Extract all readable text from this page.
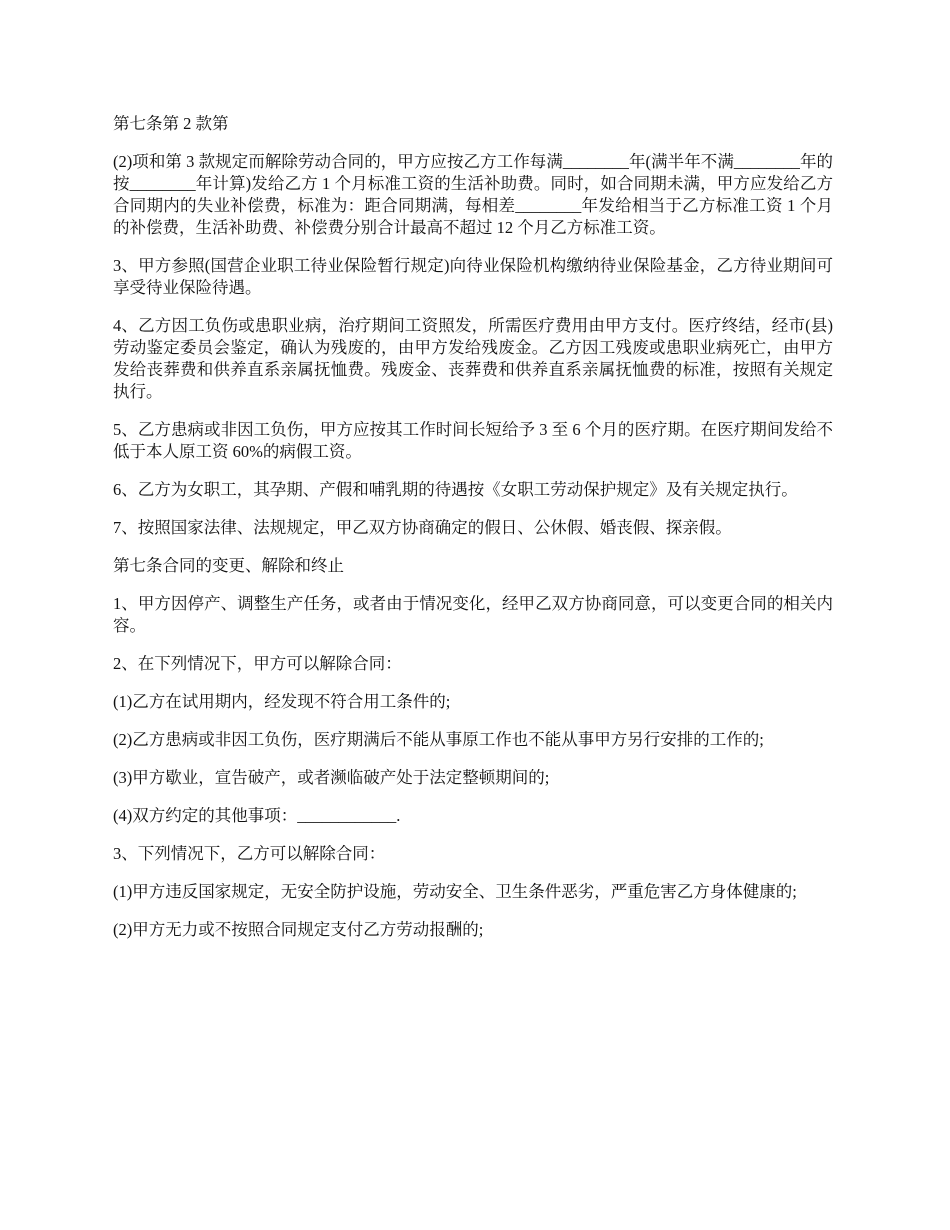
第七条第 2 款第

(2)项和第 3 款规定而解除劳动合同的，甲方应按乙方工作每满________年(满半年不满________年的按________年计算)发给乙方 1 个月标准工资的生活补助费。同时，如合同期未满，甲方应发给乙方合同期内的失业补偿费，标准为：距合同期满，每相差________年发给相当于乙方标准工资 1 个月的补偿费，生活补助费、补偿费分别合计最高不超过 12 个月乙方标准工资。

3、甲方参照(国营企业职工待业保险暂行规定)向待业保险机构缴纳待业保险基金，乙方待业期间可享受待业保险待遇。

4、乙方因工负伤或患职业病，治疗期间工资照发，所需医疗费用由甲方支付。医疗终结，经市(县)劳动鉴定委员会鉴定，确认为残废的，由甲方发给残废金。乙方因工残废或患职业病死亡，由甲方发给丧葬费和供养直系亲属抚恤费。残废金、丧葬费和供养直系亲属抚恤费的标准，按照有关规定执行。

5、乙方患病或非因工负伤，甲方应按其工作时间长短给予 3 至 6 个月的医疗期。在医疗期间发给不低于本人原工资 60%的病假工资。

6、乙方为女职工，其孕期、产假和哺乳期的待遇按《女职工劳动保护规定》及有关规定执行。

7、按照国家法律、法规规定，甲乙双方协商确定的假日、公休假、婚丧假、探亲假。

第七条合同的变更、解除和终止

1、甲方因停产、调整生产任务，或者由于情况变化，经甲乙双方协商同意，可以变更合同的相关内容。

2、在下列情况下，甲方可以解除合同：

(1)乙方在试用期内，经发现不符合用工条件的;

(2)乙方患病或非因工负伤，医疗期满后不能从事原工作也不能从事甲方另行安排的工作的;

(3)甲方歇业，宣告破产，或者濒临破产处于法定整顿期间的;

(4)双方约定的其他事项：____________.

3、下列情况下，乙方可以解除合同：

(1)甲方违反国家规定，无安全防护设施，劳动安全、卫生条件恶劣，严重危害乙方身体健康的;

(2)甲方无力或不按照合同规定支付乙方劳动报酬的;
